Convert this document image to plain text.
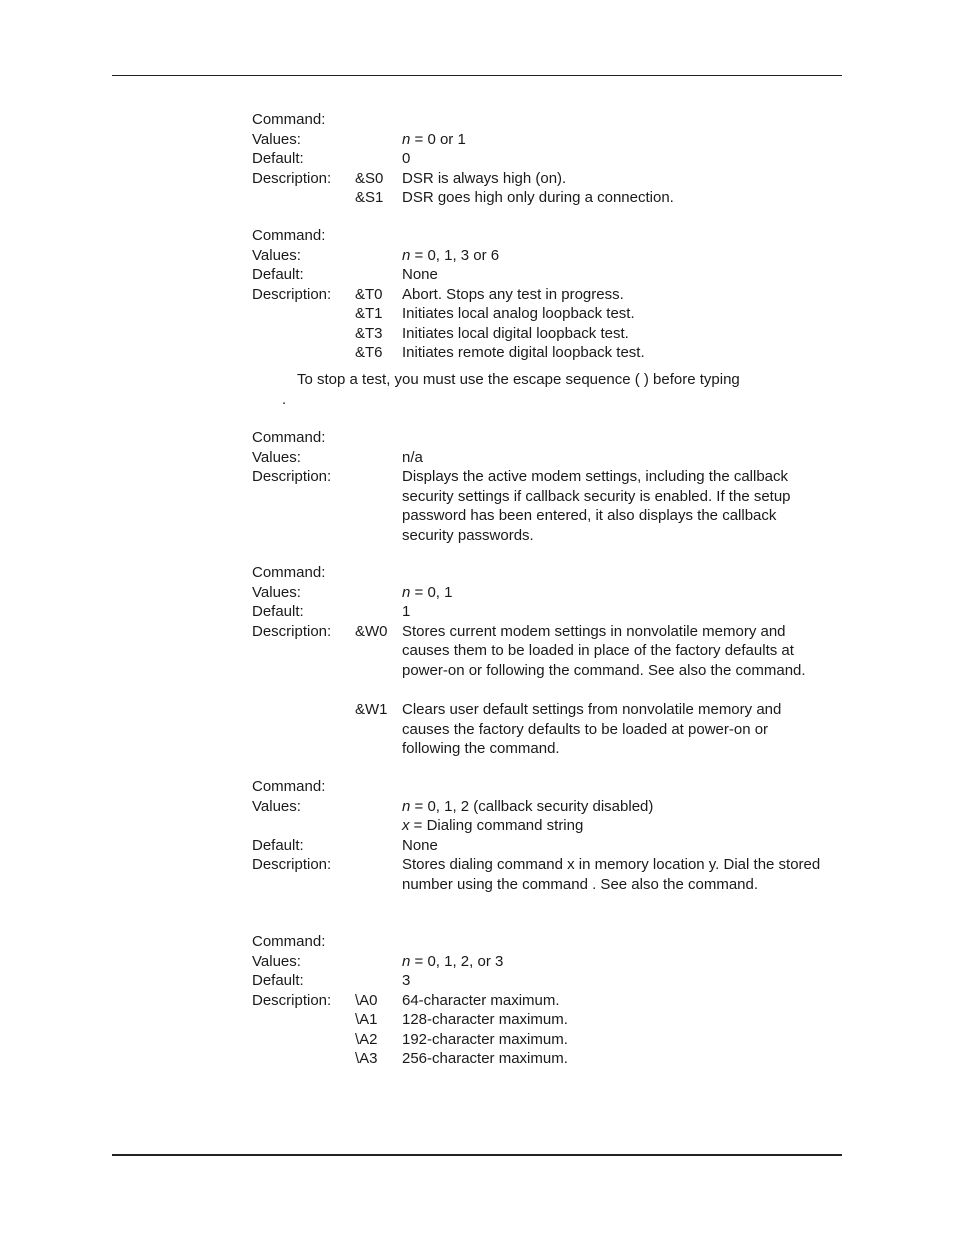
Command:
Values:	n = 0 or 1
Default:	0
Description: &S0 DSR is always high (on).
&S1 DSR goes high only during a connection.
Command:
Values:	n = 0, 1, 3 or 6
Default:	None
Description: &T0 Abort. Stops any test in progress.
&T1 Initiates local analog loopback test.
&T3 Initiates local digital loopback test.
&T6 Initiates remote digital loopback test.
To stop a test, you must use the escape sequence ( ) before typing
.
Command:
Values:	n/a
Description:	Displays the active modem settings, including the callback security settings if callback security is enabled. If the setup password has been entered, it also displays the callback security passwords.
Command:
Values:	n = 0, 1
Default:	1
Description: &W0 Stores current modem settings in nonvolatile memory and causes them to be loaded in place of the factory defaults at power-on or following the command. See also the command.
&W1 Clears user default settings from nonvolatile memory and causes the factory defaults to be loaded at power-on or following the command.
Command:
Values:	n = 0, 1, 2 (callback security disabled)
x = Dialing command string
Default:	None
Description:	Stores dialing command x in memory location y. Dial the stored number using the command . See also the command.
Command:
Values:	n = 0, 1, 2, or 3
Default:	3
Description: \A0 64-character maximum.
\A1 128-character maximum.
\A2 192-character maximum.
\A3 256-character maximum.
